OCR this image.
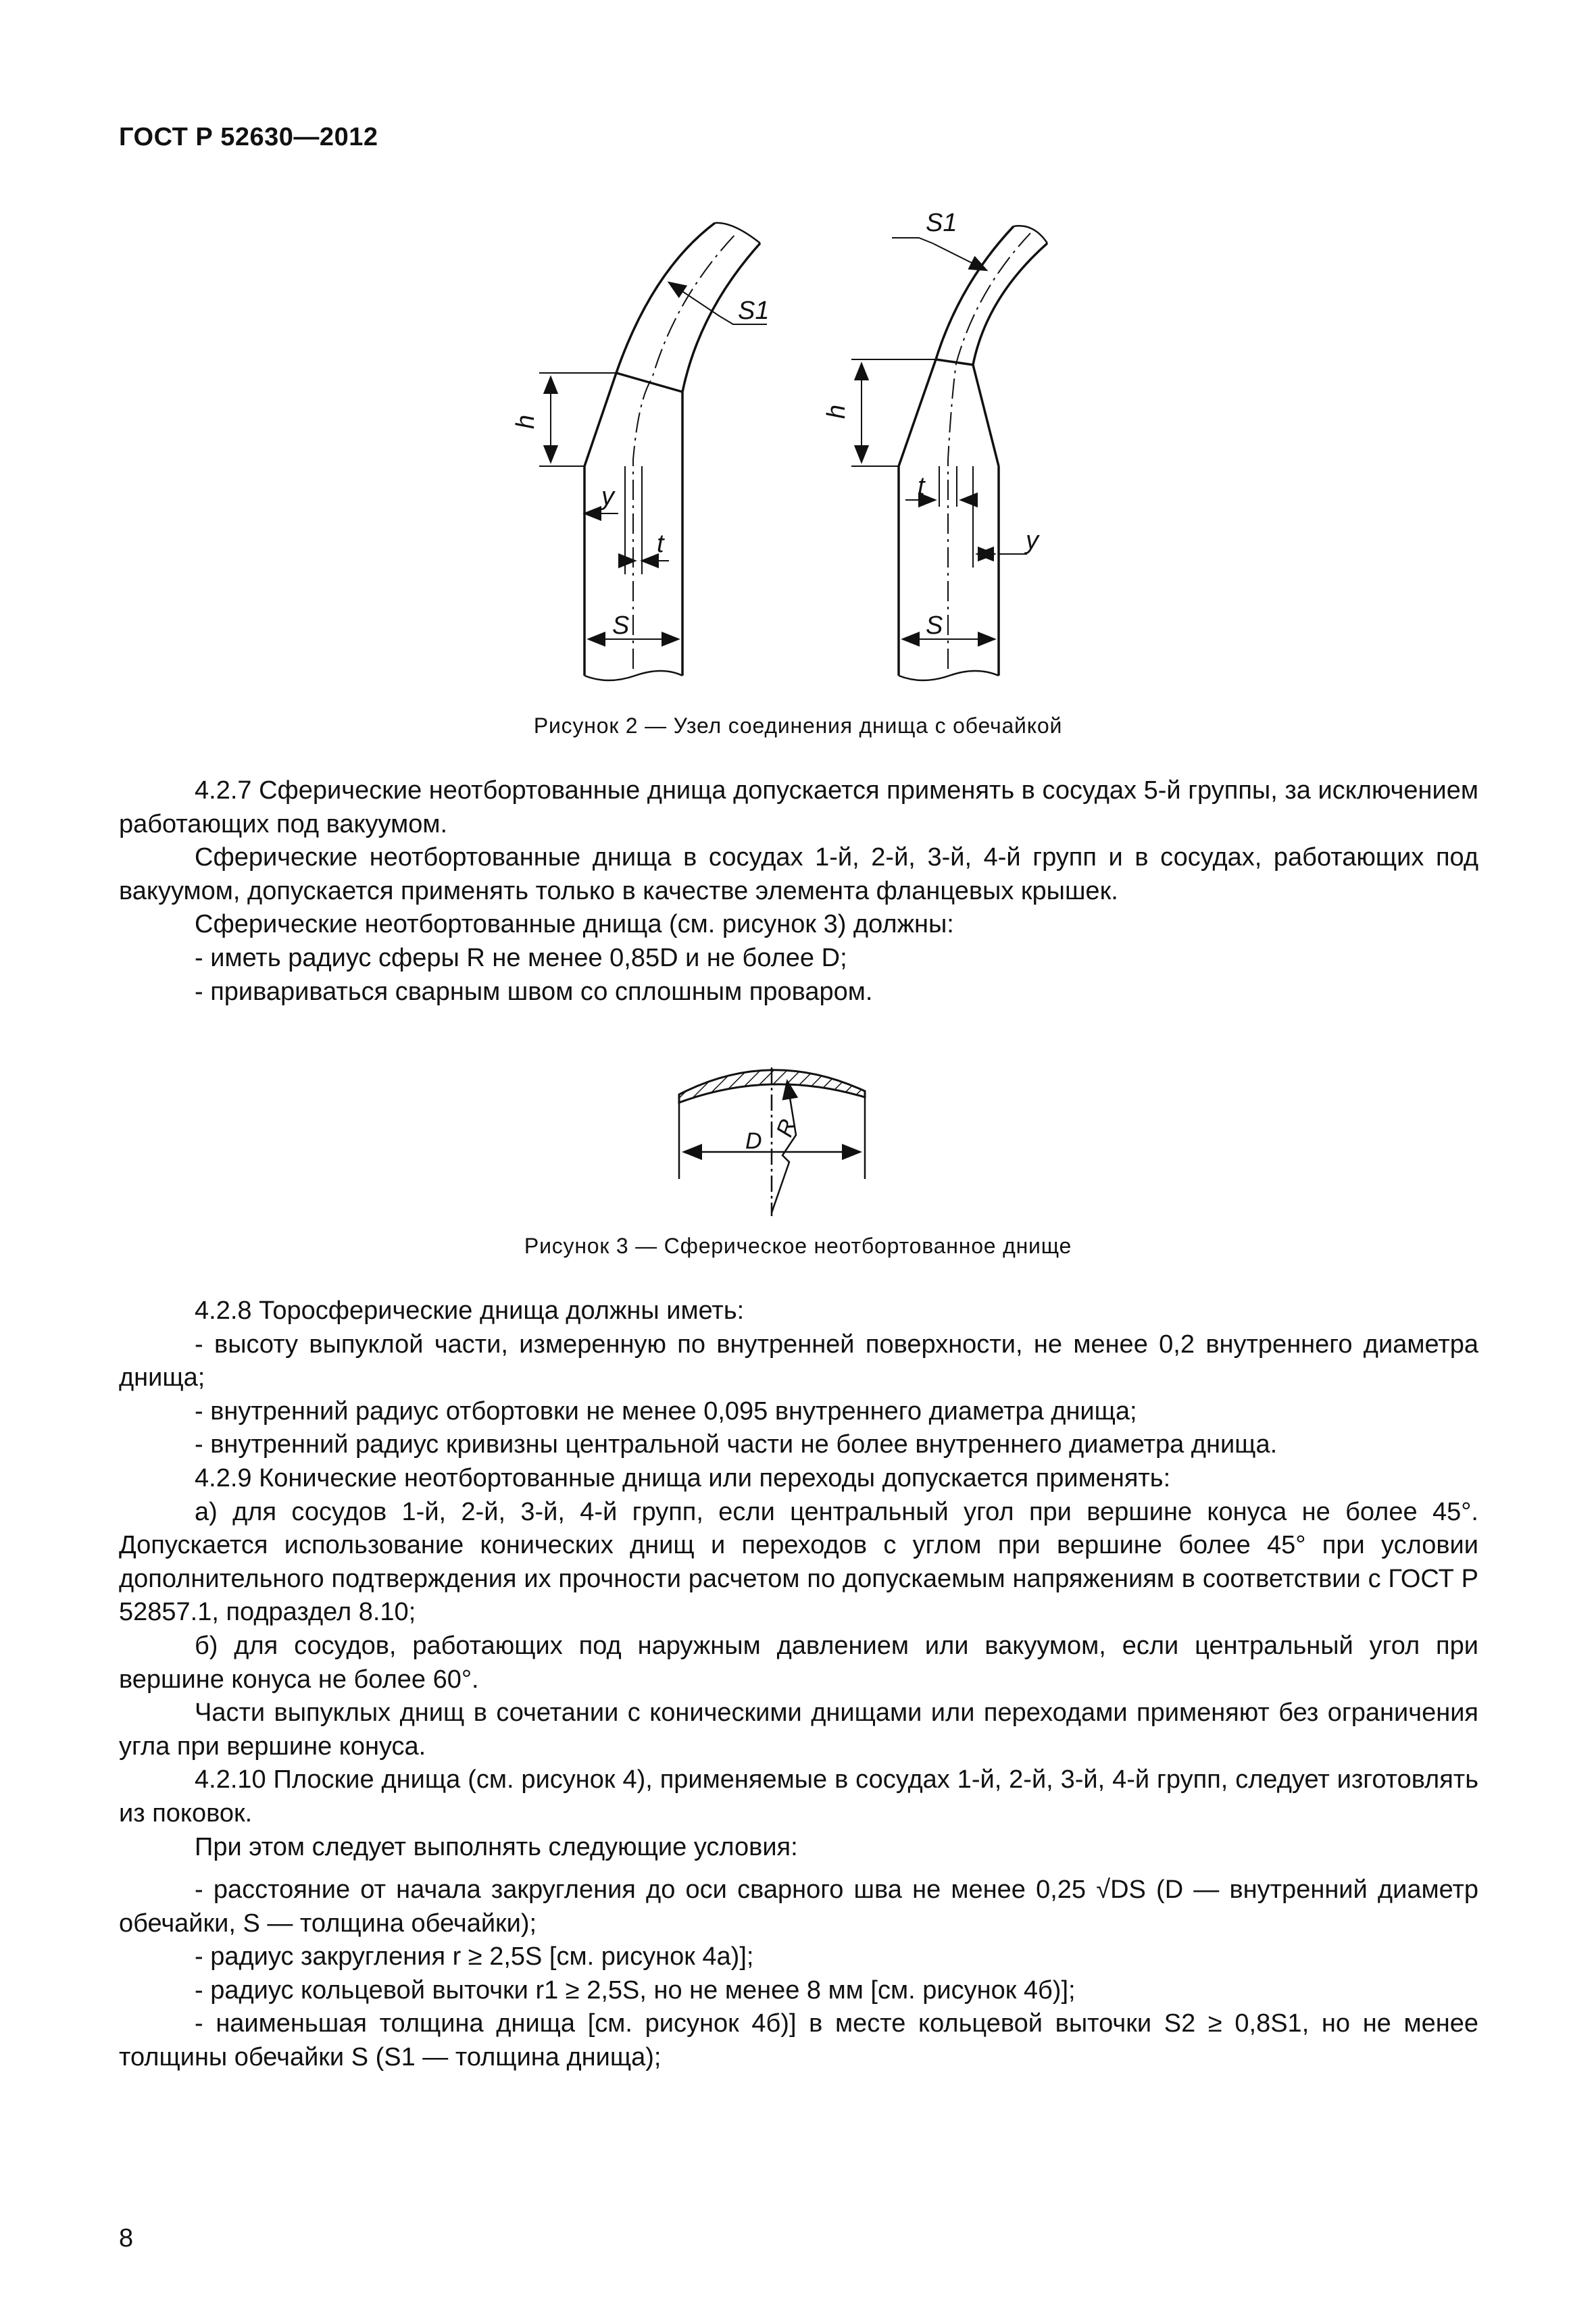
ГОСТ Р 52630—2012
S1
h
y
t
S
S1
h
t
y
S
Рисунок 2 — Узел соединения днища с обечайкой

4.2.7 Сферические неотбортованные днища допускается применять в сосудах 5-й группы, за исключением работающих под вакуумом.

Сферические неотбортованные днища в сосудах 1-й, 2-й, 3-й, 4-й групп и в сосудах, работающих под вакуумом, допускается применять только в качестве элемента фланцевых крышек.

Сферические неотбортованные днища (см. рисунок 3) должны:

- иметь радиус сферы R не менее 0,85D и не более D;

- привариваться сварным швом со сплошным проваром.

D
R
Рисунок 3 — Сферическое неотбортованное днище

4.2.8 Торосферические днища должны иметь:

- высоту выпуклой части, измеренную по внутренней поверхности, не менее 0,2 внутреннего диаметра днища;

- внутренний радиус отбортовки не менее 0,095 внутреннего диаметра днища;

- внутренний радиус кривизны центральной части не более внутреннего диаметра днища.

4.2.9 Конические неотбортованные днища или переходы допускается применять:

а) для сосудов 1-й, 2-й, 3-й, 4-й групп, если центральный угол при вершине конуса не более 45°. Допускается использование конических днищ и переходов с углом при вершине более 45° при условии дополнительного подтверждения их прочности расчетом по допускаемым напряжениям в соответствии с ГОСТ Р 52857.1, подраздел 8.10;

б) для сосудов, работающих под наружным давлением или вакуумом, если центральный угол при вершине конуса не более 60°.

Части выпуклых днищ в сочетании с коническими днищами или переходами применяют без ограничения угла при вершине конуса.

4.2.10 Плоские днища (см. рисунок 4), применяемые в сосудах 1-й, 2-й, 3-й, 4-й групп, следует изготовлять из поковок.

При этом следует выполнять следующие условия:

- расстояние от начала закругления до оси сварного шва не менее 0,25 √DS (D — внутренний диаметр обечайки, S — толщина обечайки);

- радиус закругления r ≥ 2,5S [см. рисунок 4а)];

- радиус кольцевой выточки r1 ≥ 2,5S, но не менее 8 мм [см. рисунок 4б)];

- наименьшая толщина днища [см. рисунок 4б)] в месте кольцевой выточки S2 ≥ 0,8S1, но не менее толщины обечайки S (S1 — толщина днища);

8
